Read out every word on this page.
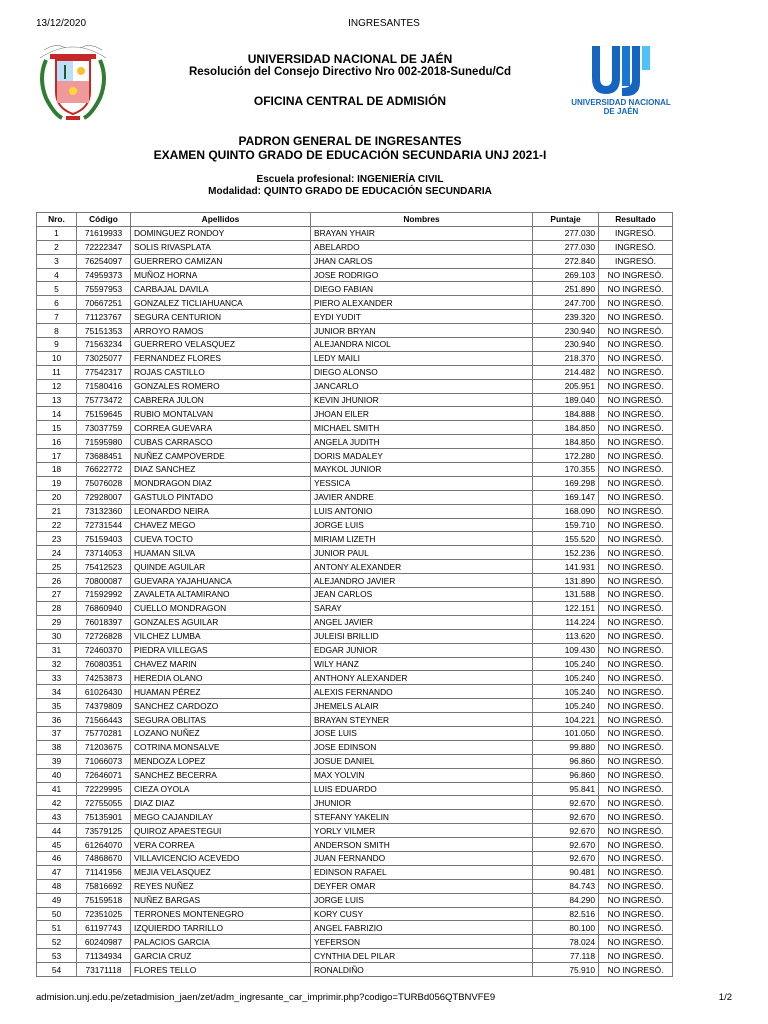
13/12/2020	INGRESANTES
UNIVERSIDAD NACIONAL
DE JAÉN
UNIVERSIDAD NACIONAL DE JAÉN
Resolución del Consejo Directivo Nro 002-2018-Sunedu/Cd
OFICINA CENTRAL DE ADMISIÓN
PADRON GENERAL DE INGRESANTES
EXAMEN QUINTO GRADO DE EDUCACIÓN SECUNDARIA UNJ 2021-I
Escuela profesional: INGENIERÍA CIVIL
Modalidad: QUINTO GRADO DE EDUCACIÓN SECUNDARIA
Nro.	Código	Apellidos	Nombres	Puntaje	Resultado
1	71619933	DOMINGUEZ RONDOY	BRAYAN YHAIR	277.030	INGRESÓ.
2	72222347	SOLIS RIVASPLATA	ABELARDO	277.030	INGRESÓ.
3	76254097	GUERRERO CAMIZAN	JHAN CARLOS	272.840	INGRESÓ.
4	74959373	MUÑOZ HORNA	JOSE RODRIGO	269.103	NO INGRESÓ.
5	75597953	CARBAJAL DAVILA	DIEGO FABIAN	251.890	NO INGRESÓ.
6	70667251	GONZALEZ TICLIAHUANCA	PIERO ALEXANDER	247.700	NO INGRESÓ.
7	71123767	SEGURA CENTURION	EYDI YUDIT	239.320	NO INGRESÓ.
8	75151353	ARROYO RAMOS	JUNIOR BRYAN	230.940	NO INGRESÓ.
9	71563234	GUERRERO VELASQUEZ	ALEJANDRA NICOL	230.940	NO INGRESÓ.
10	73025077	FERNANDEZ FLORES	LEDY MAILI	218.370	NO INGRESÓ.
11	77542317	ROJAS CASTILLO	DIEGO ALONSO	214.482	NO INGRESÓ.
12	71580416	GONZALES ROMERO	JANCARLO	205.951	NO INGRESÓ.
13	75773472	CABRERA JULON	KEVIN JHUNIOR	189.040	NO INGRESÓ.
14	75159645	RUBIO MONTALVAN	JHOAN EILER	184.888	NO INGRESÓ.
15	73037759	CORREA GUEVARA	MICHAEL SMITH	184.850	NO INGRESÓ.
16	71595980	CUBAS CARRASCO	ANGELA JUDITH	184.850	NO INGRESÓ.
17	73688451	NUÑEZ CAMPOVERDE	DORIS MADALEY	172.280	NO INGRESÓ.
18	76622772	DIAZ SANCHEZ	MAYKOL JUNIOR	170.355	NO INGRESÓ.
19	75076028	MONDRAGON DIAZ	YESSICA	169.298	NO INGRESÓ.
20	72928007	GASTULO PINTADO	JAVIER ANDRE	169.147	NO INGRESÓ.
21	73132360	LEONARDO NEIRA	LUIS ANTONIO	168.090	NO INGRESÓ.
22	72731544	CHAVEZ MEGO	JORGE LUIS	159.710	NO INGRESÓ.
23	75159403	CUEVA TOCTO	MIRIAM LIZETH	155.520	NO INGRESÓ.
24	73714053	HUAMAN SILVA	JUNIOR PAUL	152.236	NO INGRESÓ.
25	75412523	QUINDE AGUILAR	ANTONY ALEXANDER	141.931	NO INGRESÓ.
26	70800087	GUEVARA YAJAHUANCA	ALEJANDRO JAVIER	131.890	NO INGRESÓ.
27	71592992	ZAVALETA ALTAMIRANO	JEAN CARLOS	131.588	NO INGRESÓ.
28	76860940	CUELLO MONDRAGON	SARAY	122.151	NO INGRESÓ.
29	76018397	GONZALES AGUILAR	ANGEL JAVIER	114.224	NO INGRESÓ.
30	72726828	VILCHEZ LUMBA	JULEISI BRILLID	113.620	NO INGRESÓ.
31	72460370	PIEDRA VILLEGAS	EDGAR JUNIOR	109.430	NO INGRESÓ.
32	76080351	CHAVEZ MARIN	WILY HANZ	105.240	NO INGRESÓ.
33	74253873	HEREDIA OLANO	ANTHONY ALEXANDER	105.240	NO INGRESÓ.
34	61026430	HUAMAN PÉREZ	ALEXIS FERNANDO	105.240	NO INGRESÓ.
35	74379809	SANCHEZ CARDOZO	JHEMELS ALAIR	105.240	NO INGRESÓ.
36	71566443	SEGURA OBLITAS	BRAYAN STEYNER	104.221	NO INGRESÓ.
37	75770281	LOZANO NUÑEZ	JOSE LUIS	101.050	NO INGRESÓ.
38	71203675	COTRINA MONSALVE	JOSE EDINSON	99.880	NO INGRESÓ.
39	71066073	MENDOZA LOPEZ	JOSUE DANIEL	96.860	NO INGRESÓ.
40	72646071	SANCHEZ BECERRA	MAX YOLVIN	96.860	NO INGRESÓ.
41	72229995	CIEZA OYOLA	LUIS EDUARDO	95.841	NO INGRESÓ.
42	72755055	DIAZ DIAZ	JHUNIOR	92.670	NO INGRESÓ.
43	75135901	MEGO CAJANDILAY	STEFANY YAKELIN	92.670	NO INGRESÓ.
44	73579125	QUIROZ APAESTEGUI	YORLY VILMER	92.670	NO INGRESÓ.
45	61264070	VERA CORREA	ANDERSON SMITH	92.670	NO INGRESÓ.
46	74868670	VILLAVICENCIO ACEVEDO	JUAN FERNANDO	92.670	NO INGRESÓ.
47	71141956	MEJIA VELASQUEZ	EDINSON RAFAEL	90.481	NO INGRESÓ.
48	75816692	REYES NUÑEZ	DEYFER OMAR	84.743	NO INGRESÓ.
49	75159518	NUÑEZ BARGAS	JORGE LUIS	84.290	NO INGRESÓ.
50	72351025	TERRONES MONTENEGRO	KORY CUSY	82.516	NO INGRESÓ.
51	61197743	IZQUIERDO TARRILLO	ANGEL FABRIZIO	80.100	NO INGRESÓ.
52	60240987	PALACIOS GARCIA	YEFERSON	78.024	NO INGRESÓ.
53	71134934	GARCIA CRUZ	CYNTHIA DEL PILAR	77.118	NO INGRESÓ.
54	73171118	FLORES TELLO	RONALDIÑO	75.910	NO INGRESÓ.
admision.unj.edu.pe/zetadmision_jaen/zet/adm_ingresante_car_imprimir.php?codigo=TURBd056QTBNVFE9	1/2
